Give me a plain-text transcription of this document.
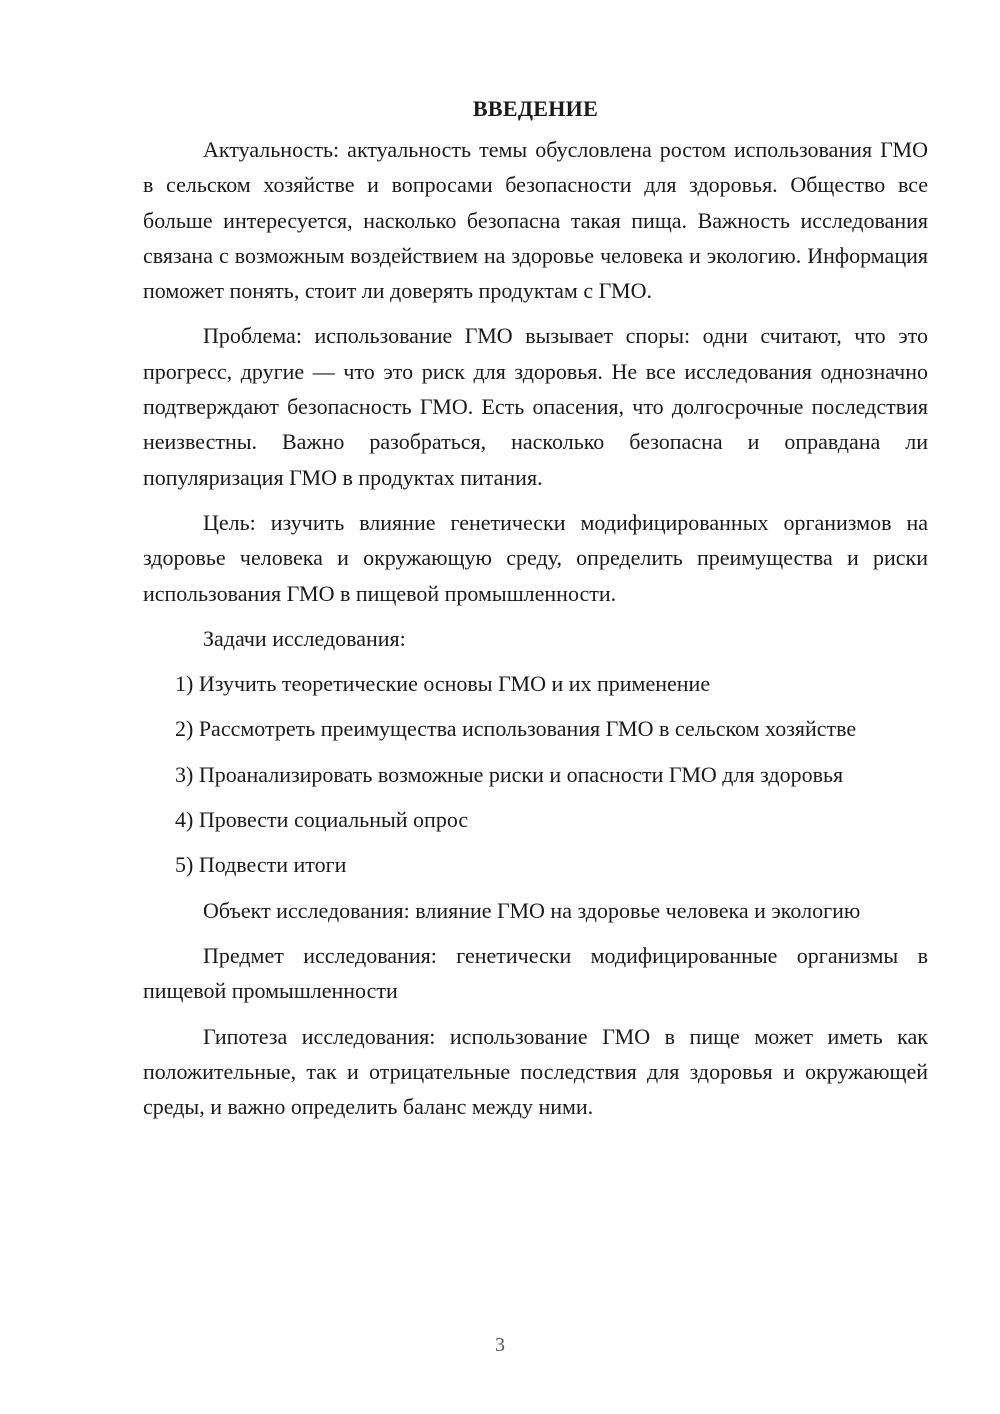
ВВЕДЕНИЕ

Актуальность: актуальность темы обусловлена ростом использования ГМО в сельском хозяйстве и вопросами безопасности для здоровья. Общество все больше интересуется, насколько безопасна такая пища. Важность исследования связана с возможным воздействием на здоровье человека и экологию. Информация поможет понять, стоит ли доверять продуктам с ГМО.

Проблема: использование ГМО вызывает споры: одни считают, что это прогресс, другие — что это риск для здоровья. Не все исследования однозначно подтверждают безопасность ГМО. Есть опасения, что долгосрочные последствия неизвестны. Важно разобраться, насколько безопасна и оправдана ли популяризация ГМО в продуктах питания.

Цель: изучить влияние генетически модифицированных организмов на здоровье человека и окружающую среду, определить преимущества и риски использования ГМО в пищевой промышленности.

Задачи исследования:

1) Изучить теоретические основы ГМО и их применение

2) Рассмотреть преимущества использования ГМО в сельском хозяйстве

3) Проанализировать возможные риски и опасности ГМО для здоровья

4) Провести социальный опрос

5) Подвести итоги

Объект исследования: влияние ГМО на здоровье человека и экологию

Предмет исследования: генетически модифицированные организмы в пищевой промышленности

Гипотеза исследования: использование ГМО в пище может иметь как положительные, так и отрицательные последствия для здоровья и окружающей среды, и важно определить баланс между ними.

3
